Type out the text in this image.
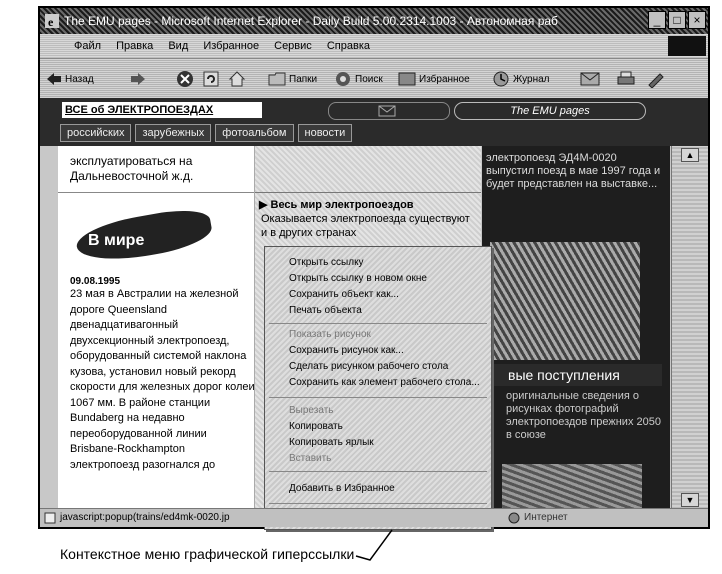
e The EMU pages - Microsoft Internet Explorer - Daily Build 5.00.2314.1003 - Автономная раб	_	□	×
Файл Правка Вид Избранное Сервис Справка
Назад	Папки	Поиск	Избранное	Журнал
ВСЕ об ЭЛЕКТРОПОЕЗДАХ	The EMU pages
российских	зарубежных	фотоальбом	новости
эксплуатироваться на Дальневосточной ж.д.
В мире
09.08.1995
23 мая в Австралии на железной дороге Queensland двенадцативагонный двухсекционный электропоезд, оборудованный системой наклона кузова, установил новый рекорд скорости для железных дорог колеи 1067 мм. В районе станции Bundaberg на недавно переоборудованной линии Brisbane-Rockhampton электропоезд разогнался до
▶ Весь мир электропоездов
Оказывается электропоезда существуют и в других странах
электропоезд ЭД4М-0020 выпустил поезд в мае 1997 года и будет представлен на выставке...
вые поступления
оригинальные сведения о рисунках фотографий электропоездов прежних 2050 в союзе
▲
▼
Открыть ссылку
Открыть ссылку в новом окне
Сохранить объект как...
Печать объекта
Показать рисунок
Сохранить рисунок как...
Сделать рисунком рабочего стола
Сохранить как элемент рабочего стола...
Вырезать
Копировать
Копировать ярлык
Вставить
Добавить в Избранное
javascript:popup(trains/ed4mk-0020.jp	Интернет
Контекстное меню графической гиперссылки
